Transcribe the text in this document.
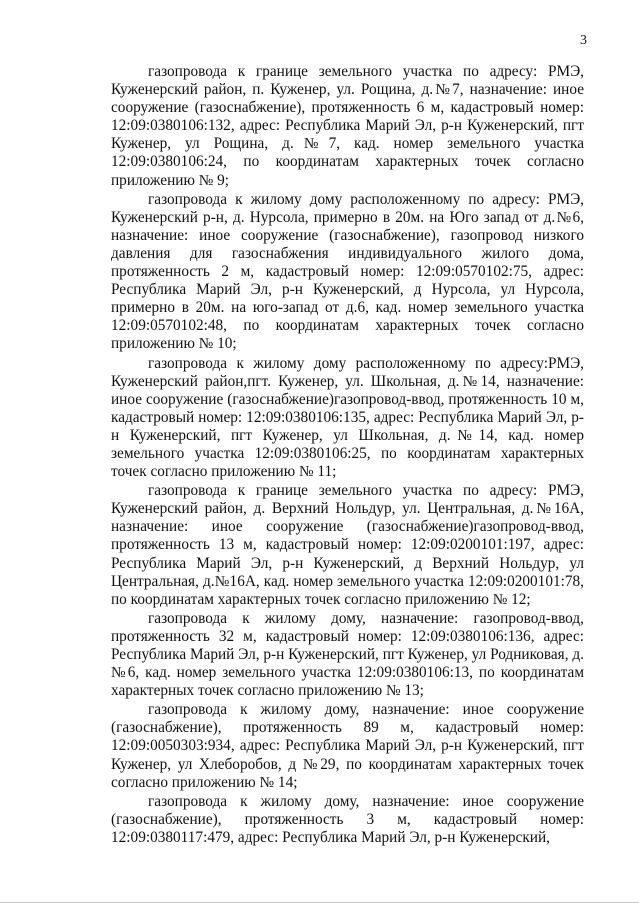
3

газопровода к границе земельного участка по адресу: РМЭ, Куженерский район, п. Куженер, ул. Рощина, д.№7, назначение: иное сооружение (газоснабжение), протяженность 6 м, кадастровый номер: 12:09:0380106:132, адрес: Республика Марий Эл, р-н Куженерский, пгт Куженер, ул Рощина, д.№7, кад. номер земельного участка 12:09:0380106:24, по координатам характерных точек согласно приложению № 9;

газопровода к жилому дому расположенному по адресу: РМЭ, Куженерский р-н, д. Нурсола, примерно в 20м. на Юго запад от д.№6, назначение: иное сооружение (газоснабжение), газопровод низкого давления для газоснабжения индивидуального жилого дома, протяженность 2 м, кадастровый номер: 12:09:0570102:75, адрес: Республика Марий Эл, р-н Куженерский, д Нурсола, ул Нурсола, примерно в 20м. на юго-запад от д.6, кад. номер земельного участка 12:09:0570102:48, по координатам характерных точек согласно приложению № 10;

газопровода к жилому дому расположенному по адресу:РМЭ, Куженерский район,пгт. Куженер, ул. Школьная, д.№14, назначение: иное сооружение (газоснабжение)газопровод-ввод, протяженность 10 м, кадастровый номер: 12:09:0380106:135, адрес: Республика Марий Эл, р-н Куженерский, пгт Куженер, ул Школьная, д.№14, кад. номер земельного участка 12:09:0380106:25, по координатам характерных точек согласно приложению № 11;

газопровода к границе земельного участка по адресу: РМЭ, Куженерский район, д. Верхний Нольдур, ул. Центральная, д.№16А, назначение: иное сооружение (газоснабжение)газопровод-ввод, протяженность 13 м, кадастровый номер: 12:09:0200101:197, адрес: Республика Марий Эл, р-н Куженерский, д Верхний Нольдур, ул Центральная, д.№16А, кад. номер земельного участка 12:09:0200101:78, по координатам характерных точек согласно приложению № 12;

газопровода к жилому дому, назначение: газопровод-ввод, протяженность 32 м, кадастровый номер: 12:09:0380106:136, адрес: Республика Марий Эл, р-н Куженерский, пгт Куженер, ул Родниковая, д.№6, кад. номер земельного участка 12:09:0380106:13, по координатам характерных точек согласно приложению № 13;

газопровода к жилому дому, назначение: иное сооружение (газоснабжение), протяженность 89 м, кадастровый номер: 12:09:0050303:934, адрес: Республика Марий Эл, р-н Куженерский, пгт Куженер, ул Хлеборобов, д №29, по координатам характерных точек согласно приложению № 14;

газопровода к жилому дому, назначение: иное сооружение (газоснабжение), протяженность 3 м, кадастровый номер: 12:09:0380117:479, адрес: Республика Марий Эл, р-н Куженерский,
